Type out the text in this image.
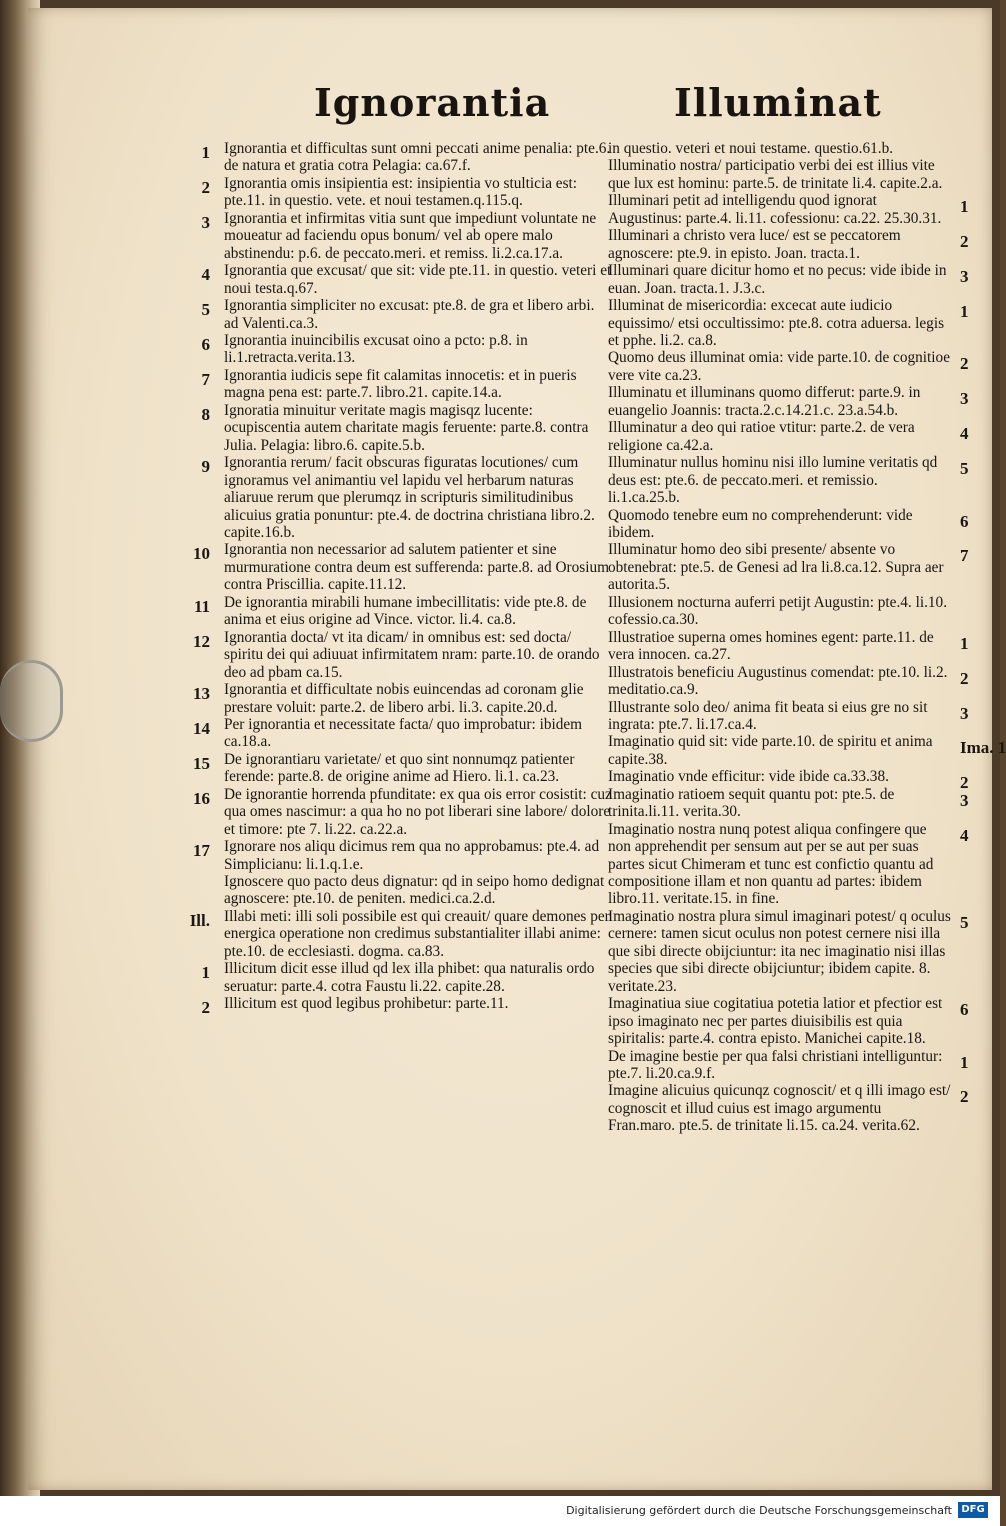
Ignorantia	Illuminat
1 Ignorantia et difficultas sunt omni peccati anime penalia: pte.6. de natura et gratia cotra Pelagia: ca.67.f.
2 Ignorantia omis insipientia est: insipientia vo stulticia est: pte.11. in questio. vete. et noui testamen.q.115.q.
3 Ignorantia et infirmitas vitia sunt que impediunt voluntate ne moueatur ad faciendu opus bonum/ vel ab opere malo abstinendu: p.6. de peccato.meri. et remiss. li.2.ca.17.a.
4 Ignorantia que excusat/ que sit: vide pte.11. in questio. veteri et noui testa.q.67.
5 Ignorantia simpliciter no excusat: pte.8. de gra et libero arbi. ad Valenti.ca.3.
6 Ignorantia inuincibilis excusat oino a pcto: p.8. in li.1.retracta.verita.13.
7 Ignorantia iudicis sepe fit calamitas innocetis: et in pueris magna pena est: parte.7. libro.21. capite.14.a.
8 Ignoratia minuitur veritate magis magisqz lucente: ocupiscentia autem charitate magis feruente: parte.8. contra Julia. Pelagia: libro.6. capite.5.b.
9 Ignorantia rerum/ facit obscuras figuratas locutiones/ cum ignoramus vel animantiu vel lapidu vel herbarum naturas aliaruue rerum que plerumqz in scripturis similitudinibus alicuius gratia ponuntur: pte.4. de doctrina christiana libro.2. capite.16.b.
10 Ignorantia non necessarior ad salutem patienter et sine murmuratione contra deum est sufferenda: parte.8. ad Orosium contra Priscillia. capite.11.12.
11 De ignorantia mirabili humane imbecillitatis: vide pte.8. de anima et eius origine ad Vince. victor. li.4. ca.8.
12 Ignorantia docta/ vt ita dicam/ in omnibus est: sed docta/ spiritu dei qui adiuuat infirmitatem nram: parte.10. de orando deo ad pbam ca.15.
13 Ignorantia et difficultate nobis euincendas ad coronam glie prestare voluit: parte.2. de libero arbi. li.3. capite.20.d.
14 Per ignorantia et necessitate facta/ quo improbatur: ibidem ca.18.a.
15 De ignorantiaru varietate/ et quo sint nonnumqz patienter ferende: parte.8. de origine anime ad Hiero. li.1. ca.23.
16 De ignorantie horrenda pfunditate: ex qua ois error cosistit: cuz qua omes nascimur: a qua ho no pot liberari sine labore/ dolore et timore: pte 7. li.22. ca.22.a.
17 Ignorare nos aliqu dicimus rem qua no approbamus: pte.4. ad Simplicianu: li.1.q.1.e.
Ignoscere quo pacto deus dignatur: qd in seipo homo dedignat agnoscere: pte.10. de peniten. medici.ca.2.d.
Ill. Illabi meti: illi soli possibile est qui creauit/ quare demones per energica operatione non credimus substantialiter illabi anime: pte.10. de ecclesiasti. dogma. ca.83.
1 Illicitum dicit esse illud qd lex illa phibet: qua naturalis ordo seruatur: parte.4. cotra Faustu li.22. capite.28.
2 Illicitum est quod legibus prohibetur: parte.11.
in questio. veteri et noui testame. questio.61.b.
Illuminatio nostra/ participatio verbi dei est illius vite que lux est hominu: parte.5. de trinitate li.4. capite.2.a.
1
Illuminari petit ad intelligendu quod ignorat Augustinus: parte.4. li.11. cofessionu: ca.22. 25.30.31.
2
Illuminari a christo vera luce/ est se peccatorem agnoscere: pte.9. in episto. Joan. tracta.1.
3
Illuminari quare dicitur homo et no pecus: vide ibide in euan. Joan. tracta.1. J.3.c.
1
Illuminat de misericordia: excecat aute iudicio equissimo/ etsi occultissimo: pte.8. cotra aduersa. legis et pphe. li.2. ca.8.
2
Quomo deus illuminat omia: vide parte.10. de cognitioe vere vite ca.23.
3
Illuminatu et illuminans quomo differut: parte.9. in euangelio Joannis: tracta.2.c.14.21.c. 23.a.54.b.
4
Illuminatur a deo qui ratioe vtitur: parte.2. de vera religione ca.42.a.
5
Illuminatur nullus hominu nisi illo lumine veritatis qd deus est: pte.6. de peccato.meri. et remissio. li.1.ca.25.b.
6
Quomodo tenebre eum no comprehenderunt: vide ibidem.
7
Illuminatur homo deo sibi presente/ absente vo obtenebrat: pte.5. de Genesi ad lra li.8.ca.12. Supra aer autorita.5.
Illusionem nocturna auferri petijt Augustin: pte.4. li.10. cofessio.ca.30.
1
Illustratioe superna omes homines egent: parte.11. de vera innocen. ca.27.
2
Illustratois beneficiu Augustinus comendat: pte.10. li.2. meditatio.ca.9.
3
Illustrante solo deo/ anima fit beata si eius gre no sit ingrata: pte.7. li.17.ca.4.
Ima. 1
Imaginatio quid sit: vide parte.10. de spiritu et anima capite.38.
2
Imaginatio vnde efficitur: vide ibide ca.33.38.
3
Imaginatio ratioem sequit quantu pot: pte.5. de trinita.li.11. verita.30.
4
Imaginatio nostra nunq potest aliqua confingere que non apprehendit per sensum aut per se aut per suas partes sicut Chimeram et tunc est confictio quantu ad compositione illam et non quantu ad partes: ibidem libro.11. veritate.15. in fine.
5
Imaginatio nostra plura simul imaginari potest/ q oculus cernere: tamen sicut oculus non potest cernere nisi illa que sibi directe obijciuntur: ita nec imaginatio nisi illas species que sibi directe obijciuntur; ibidem capite. 8. veritate.23.
6
Imaginatiua siue cogitatiua potetia latior et pfectior est ipso imaginato nec per partes diuisibilis est quia spiritalis: parte.4. contra episto. Manichei capite.18.
1
De imagine bestie per qua falsi christiani intelliguntur: pte.7. li.20.ca.9.f.
2
Imagine alicuius quicunqz cognoscit/ et q illi imago est/ cognoscit et illud cuius est imago argumentu Fran.maro. pte.5. de trinitate li.15. ca.24. verita.62.
Digitalisierung gefördert durch die Deutsche Forschungsgemeinschaft DFG
